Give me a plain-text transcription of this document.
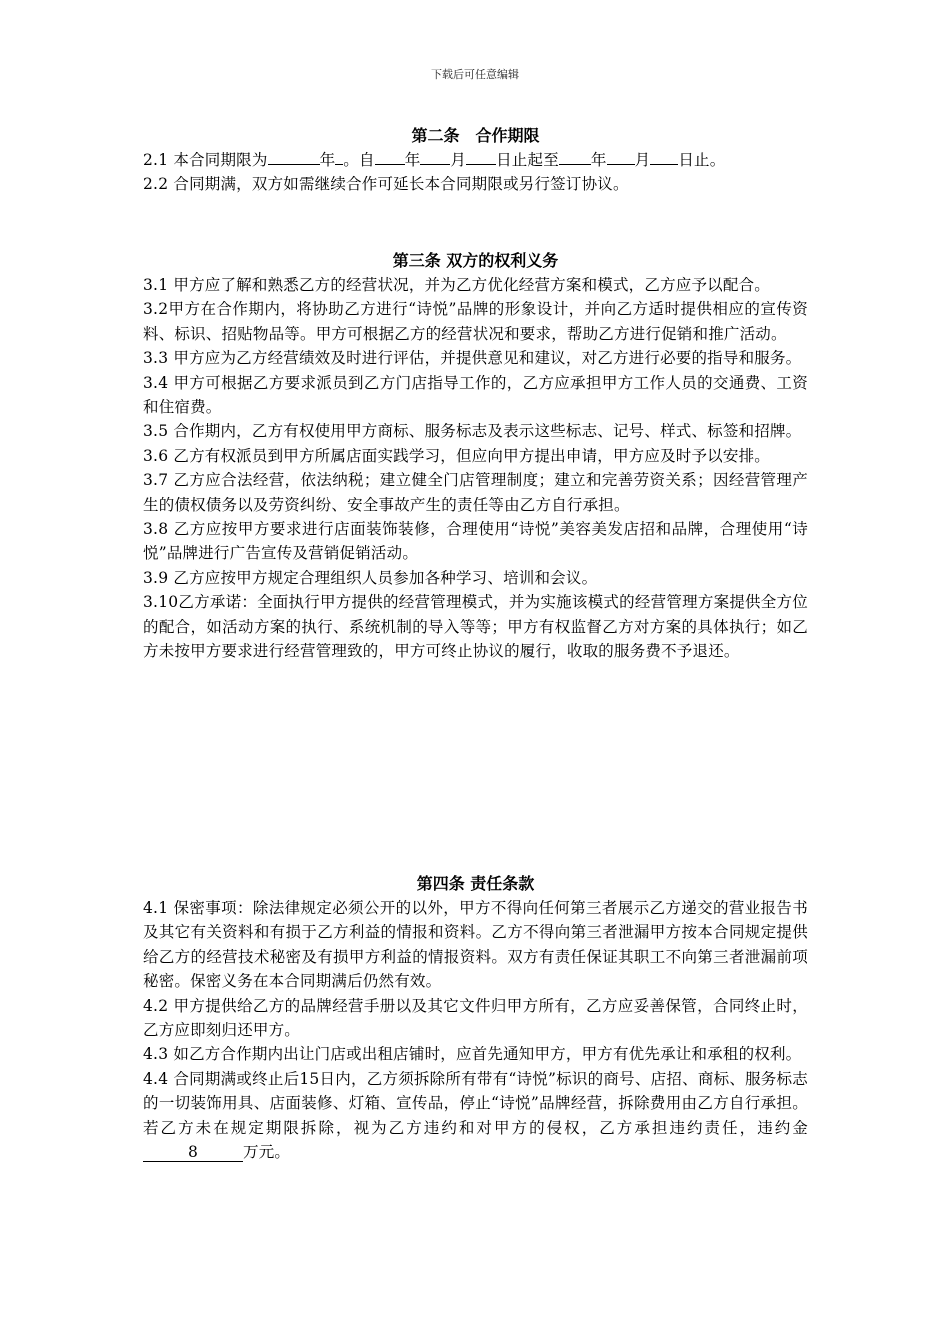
下载后可任意编辑
第二条　合作期限

2.1 本合同期限为	年 。自 年 月 日止起至 年 月 日止。

2.2 合同期满，双方如需继续合作可延长本合同期限或另行签订协议。

第三条 双方的权利义务

3.1 甲方应了解和熟悉乙方的经营状况，并为乙方优化经营方案和模式，乙方应予以配合。

3.2甲方在合作期内，将协助乙方进行“诗悦”品牌的形象设计，并向乙方适时提供相应的宣传资料、标识、招贴物品等。甲方可根据乙方的经营状况和要求，帮助乙方进行促销和推广活动。

3.3 甲方应为乙方经营绩效及时进行评估，并提供意见和建议，对乙方进行必要的指导和服务。

3.4 甲方可根据乙方要求派员到乙方门店指导工作的，乙方应承担甲方工作人员的交通费、工资和住宿费。

3.5 合作期内，乙方有权使用甲方商标、服务标志及表示这些标志、记号、样式、标签和招牌。

3.6 乙方有权派员到甲方所属店面实践学习，但应向甲方提出申请，甲方应及时予以安排。

3.7 乙方应合法经营，依法纳税；建立健全门店管理制度；建立和完善劳资关系；因经营管理产生的债权债务以及劳资纠纷、安全事故产生的责任等由乙方自行承担。

3.8 乙方应按甲方要求进行店面装饰装修，合理使用“诗悦”美容美发店招和品牌，合理使用“诗悦”品牌进行广告宣传及营销促销活动。

3.9 乙方应按甲方规定合理组织人员参加各种学习、培训和会议。

3.10乙方承诺：全面执行甲方提供的经营管理模式，并为实施该模式的经营管理方案提供全方位的配合，如活动方案的执行、系统机制的导入等等；甲方有权监督乙方对方案的具体执行；如乙方未按甲方要求进行经营管理致的，甲方可终止协议的履行，收取的服务费不予退还。

第四条 责任条款

4.1 保密事项：除法律规定必须公开的以外，甲方不得向任何第三者展示乙方递交的营业报告书及其它有关资料和有损于乙方利益的情报和资料。乙方不得向第三者泄漏甲方按本合同规定提供给乙方的经营技术秘密及有损甲方利益的情报资料。双方有责任保证其职工不向第三者泄漏前项秘密。保密义务在本合同期满后仍然有效。

4.2 甲方提供给乙方的品牌经营手册以及其它文件归甲方所有，乙方应妥善保管，合同终止时，乙方应即刻归还甲方。

4.3 如乙方合作期内出让门店或出租店铺时，应首先通知甲方，甲方有优先承让和承租的权利。

4.4 合同期满或终止后15日内，乙方须拆除所有带有“诗悦”标识的商号、店招、商标、服务标志的一切装饰用具、店面装修、灯箱、宣传品，停止“诗悦”品牌经营，拆除费用由乙方自行承担。若乙方未在规定期限拆除，视为乙方违约和对甲方的侵权，乙方承担违约责任，违约金8	万元。
